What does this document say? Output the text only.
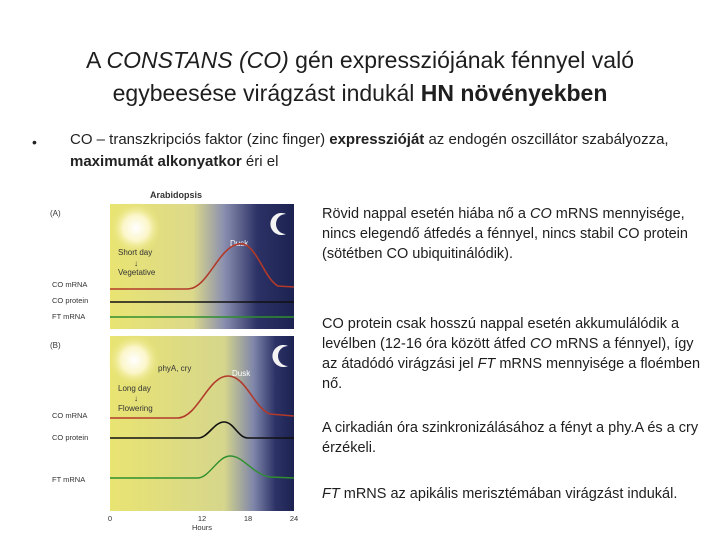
A CONSTANS (CO) gén expressziójának fénnyel való egybeesése virágzást indukál HN növényekben
• CO – transzkripciós faktor (zinc finger) expresszióját az endogén oszcillátor szabályozza, maximumát alkonyatkor éri el
Arabidopsis
(A)
Short day
↓
Vegetative
Dusk
CO mRNA
CO protein
FT mRNA
(B)
phyA, cry
Dusk
Long day
↓
Flowering
CO mRNA
CO protein
FT mRNA
0	12	18	24
Hours
Rövid nappal esetén hiába nő a CO mRNS mennyisége, nincs elegendő átfedés a fénnyel, nincs stabil CO protein (sötétben CO ubiquitinálódik).
CO protein csak hosszú nappal esetén akkumulálódik a levélben (12-16 óra között átfed CO mRNS a fénnyel), így az átadódó virágzási jel FT mRNS mennyisége a floémben nő.
A cirkadián óra szinkronizálásához a fényt a phy.A és a cry érzékeli.
FT mRNS az apikális merisztémában virágzást indukál.
